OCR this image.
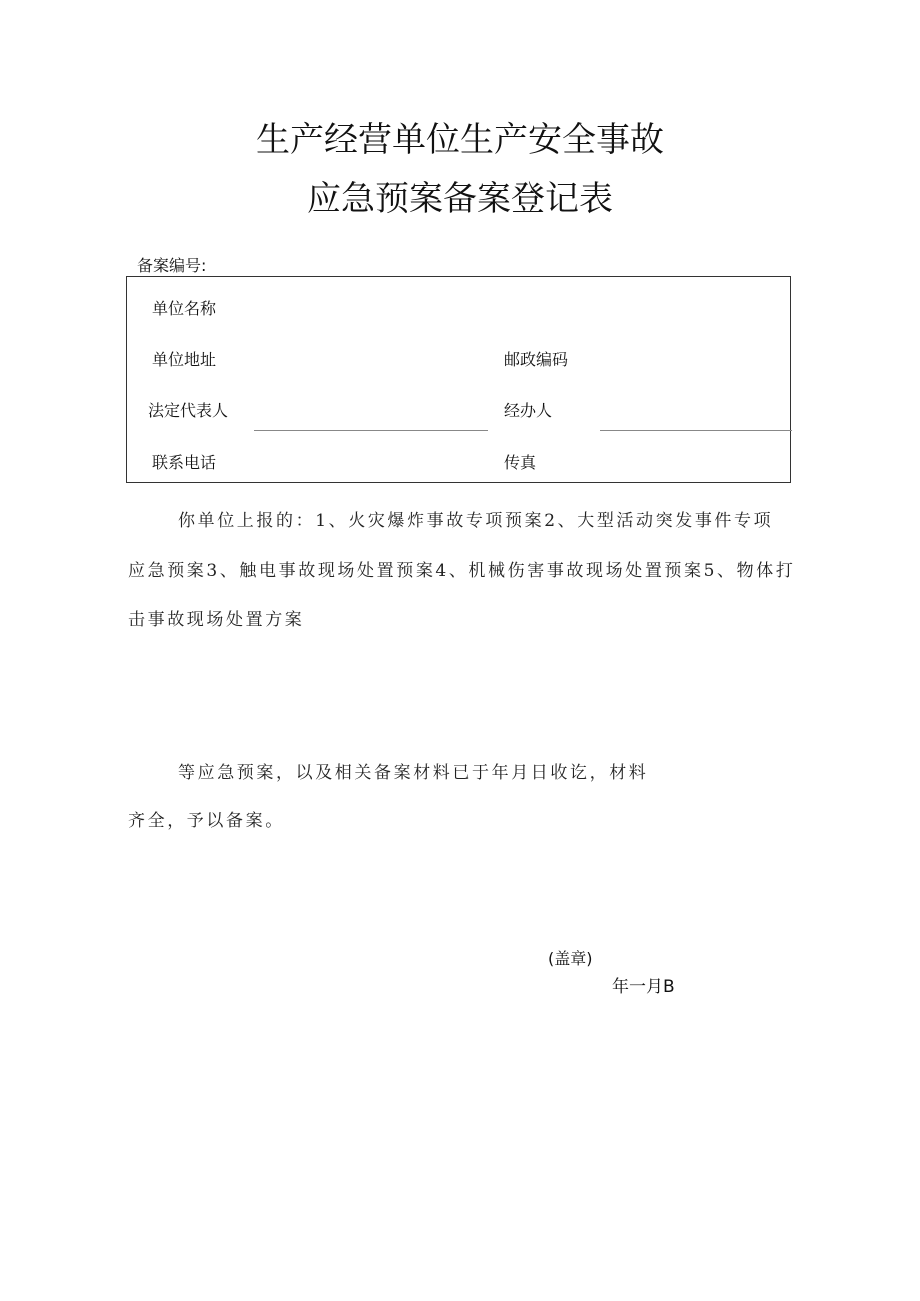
生产经营单位生产安全事故
应急预案备案登记表
备案编号:
单位名称
单位地址	邮政编码
法定代表人	经办人
联系电话	传真
你单位上报的：1、火灾爆炸事故专项预案2、大型活动突发事件专项
应急预案3、触电事故现场处置预案4、机械伤害事故现场处置预案5、物体打
击事故现场处置方案
等应急预案，以及相关备案材料已于年月日收讫，材料
齐全，予以备案。
(盖章)
年一月B
